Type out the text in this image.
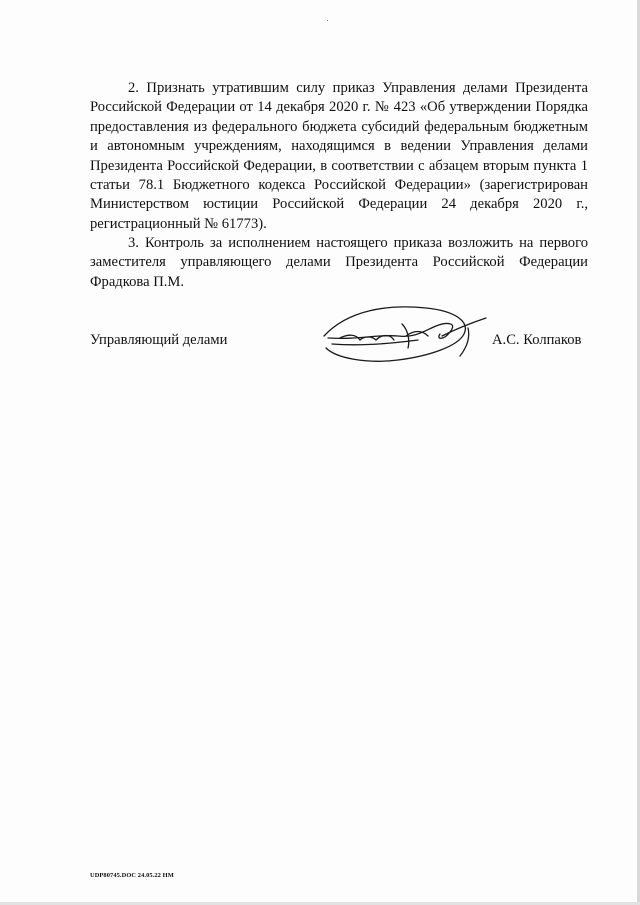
2. Признать утратившим силу приказ Управления делами Президента Российской Федерации от 14 декабря 2020 г. № 423 «Об утверждении Порядка предоставления из федерального бюджета субсидий федеральным бюджетным и автономным учреждениям, находящимся в ведении Управления делами Президента Российской Федерации, в соответствии с абзацем вторым пункта 1 статьи 78.1 Бюджетного кодекса Российской Федерации» (зарегистрирован Министерством юстиции Российской Федерации 24 декабря 2020 г., регистрационный № 61773).

3. Контроль за исполнением настоящего приказа возложить на первого заместителя управляющего делами Президента Российской Федерации Фрадкова П.М.

Управляющий делами	А.С. Колпаков
UDP80745.DOC 24.05.22 HM
